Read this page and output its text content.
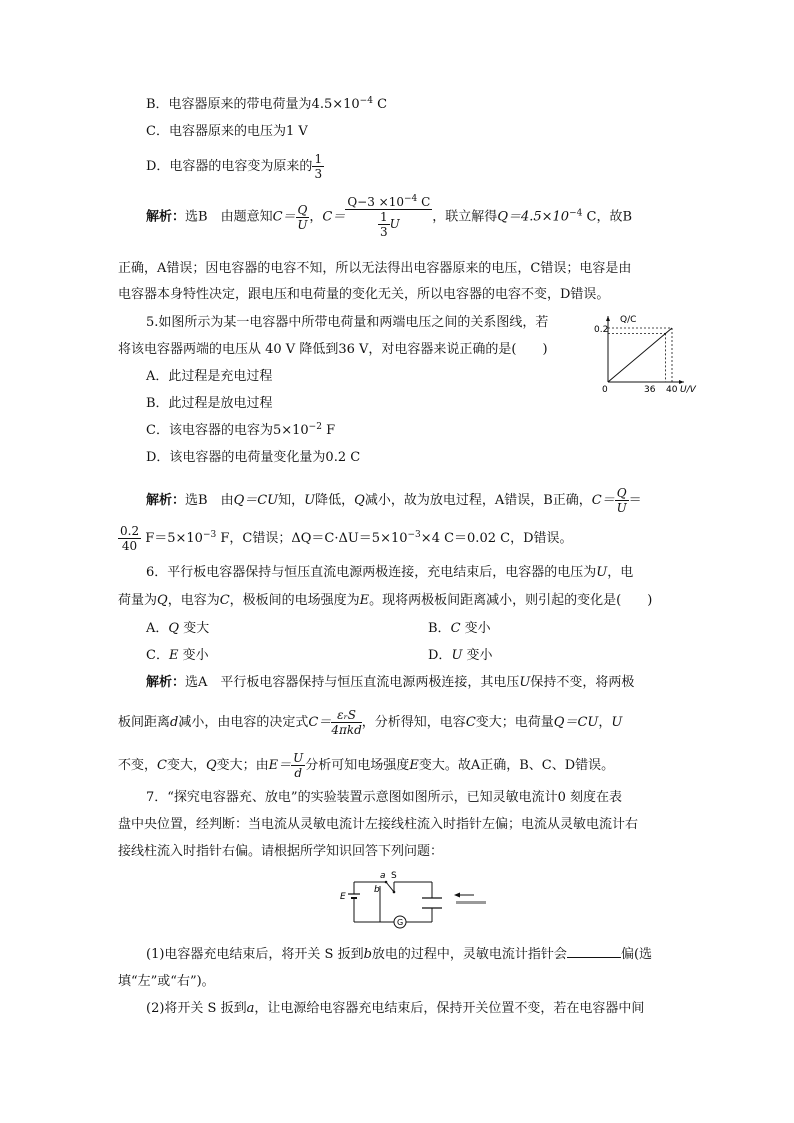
B．电容器原来的带电荷量为$4.5\times 10^{-4}$ C
C．电容器原来的电压为1 V
D．电容器的电容变为原来的 $\frac{1}{3}$
解析：选B　由题意知$C= \frac{Q}{U}$ ，$C= \frac{Q-3 \times 10^{-4} C}{\frac{1}{3} U}$ ，联立解得$Q=4.5\times 10^{-4}$ C，故B
正确，A错误；因电容器的电容不知，所以无法得出电容器原来的电压，C错误；电容是由
电容器本身特性决定，跟电压和电荷量的变化无关，所以电容器的电容不变，D错误。
5.如图所示为某一电容器中所带电荷量和两端电压之间的关系图线，若
将该电容器两端的电压从 40 V 降低到36 V，对电容器来说正确的是(　　)
A．此过程是充电过程
B．此过程是放电过程
C．该电容器的电容为$5\times 10^{-2}$ F
D．该电容器的电荷量变化量为0.2 C
Q/C
0.2
0	36 40 U/V
解析：选B　由Q＝CU知，U降低，Q减小，故为放电过程，A错误，B正确，$C= \frac{Q}{U}$ ＝
$\frac{0.2}{40} F=5\times 10^{-3}$ F，C错误；$\Delta Q=C\cdot\Delta U=5\times 10^{-3}\times 4$ C＝0.02 C，D错误。
6．平行板电容器保持与恒压直流电源两极连接，充电结束后，电容器的电压为U，电
荷量为Q，电容为C，极板间的电场强度为E。现将两极板间距离减小，则引起的变化是(　　)
A．Q 变大	B．C 变小
C．E 变小	D．U 变小
解析：选A　平行板电容器保持与恒压直流电源两极连接，其电压U保持不变，将两极
板间距离d减小，由电容的决定式$C= \frac{\text{εᵣS}}{\text{4πkd}}$ ，分析得知，电容C变大；电荷量Q＝CU，U
不变，C变大，Q变大；由$E= \frac{U}{d}$ 分析可知电场强度E变大。故A正确，B、C、D错误。
7．“探究电容器充、放电”的实验装置示意图如图所示，已知灵敏电流计0 刻度在表
盘中央位置，经判断：当电流从灵敏电流计左接线柱流入时指针左偏；电流从灵敏电流计右
接线柱流入时指针右偏。请根据所学知识回答下列问题：
E
a S
b
G
(1)电容器充电结束后，将开关 S 扳到b放电的过程中，灵敏电流计指针会	偏(选
填“左”或“右”)。
(2)将开关 S 扳到a，让电源给电容器充电结束后，保持开关位置不变，若在电容器中间
